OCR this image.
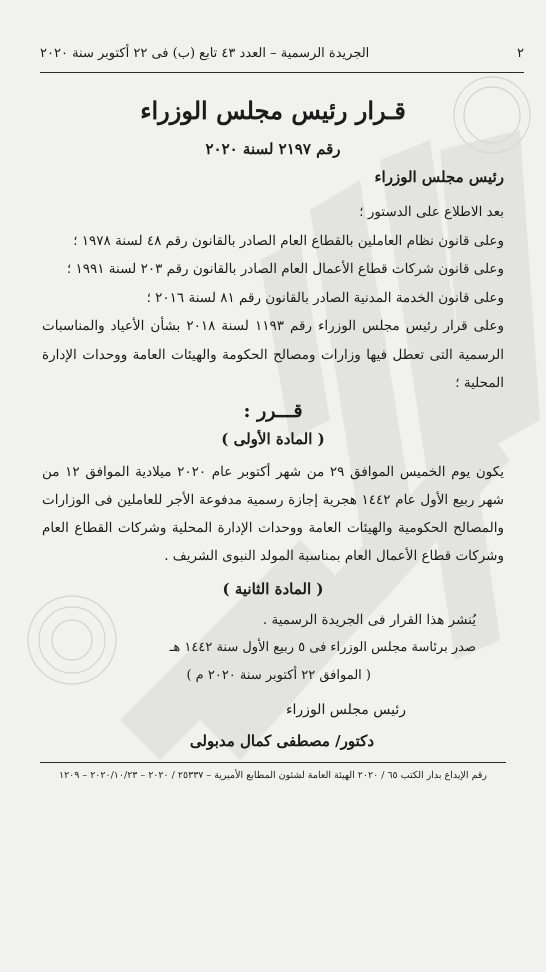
٢
الجريدة الرسمية – العدد ٤٣ تابع (ب) فى ٢٢ أكتوبر سنة ٢٠٢٠
قـرار رئيس مجلس الوزراء
رقم ٢١٩٧ لسنة ٢٠٢٠
رئيس مجلس الوزراء

بعد الاطلاع على الدستور ؛

وعلى قانون نظام العاملين بالقطاع العام الصادر بالقانون رقم ٤٨ لسنة ١٩٧٨ ؛

وعلى قانون شركات قطاع الأعمال العام الصادر بالقانون رقم ٢٠٣ لسنة ١٩٩١ ؛

وعلى قانون الخدمة المدنية الصادر بالقانون رقم ٨١ لسنة ٢٠١٦ ؛

وعلى قرار رئيس مجلس الوزراء رقم ١١٩٣ لسنة ٢٠١٨ بشأن الأعياد والمناسبات الرسمية التى تعطل فيها وزارات ومصالح الحكومة والهيئات العامة ووحدات الإدارة المحلية ؛

قـــرر :
( المادة الأولى )
يكون يوم الخميس الموافق ٢٩ من شهر أكتوبر عام ٢٠٢٠ ميلادية الموافق ١٢ من شهر ربيع الأول عام ١٤٤٢ هجرية إجازة رسمية مدفوعة الأجر للعاملين فى الوزارات والمصالح الحكومية والهيئات العامة ووحدات الإدارة المحلية وشركات القطاع العام وشركات قطاع الأعمال العام بمناسبة المولد النبوى الشريف .
( المادة الثانية )
يُنشر هذا القرار فى الجريدة الرسمية .
صدر برئاسة مجلس الوزراء فى ٥ ربيع الأول سنة ١٤٤٢ هـ
( الموافق ٢٢ أكتوبر سنة ٢٠٢٠ م )
رئيس مجلس الوزراء
دكتور/ مصطفى كمال مدبولى
رقم الإيداع بدار الكتب ٦٥ / ٢٠٢٠ الهيئة العامة لشئون المطابع الأميرية – ٢٥٣٣٧ / ٢٠٢٠ – ٢٠٢٠/١٠/٢٣ – ١٢٠٩
